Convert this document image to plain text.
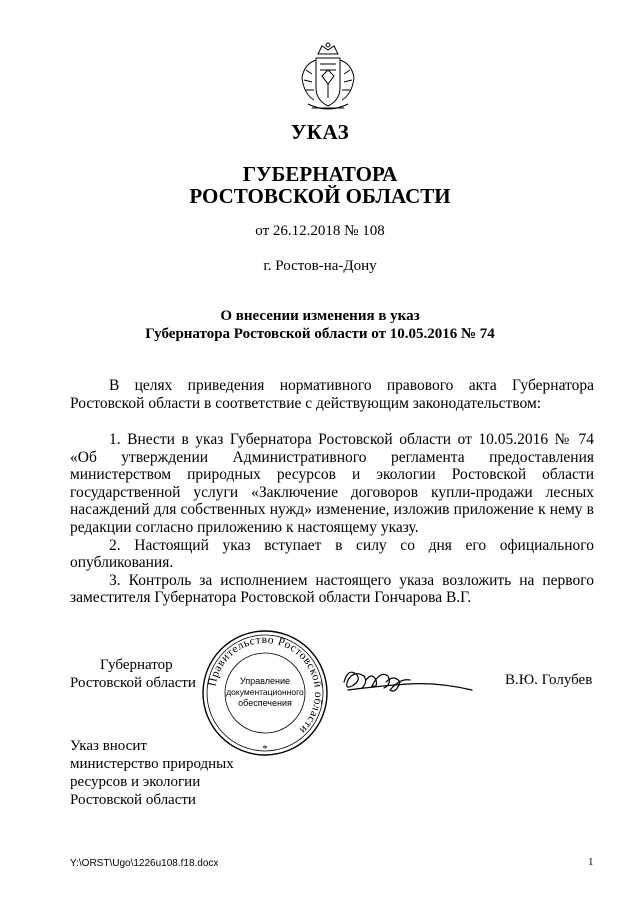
УКАЗ
ГУБЕРНАТОРА
РОСТОВСКОЙ ОБЛАСТИ
от 26.12.2018 № 108
г. Ростов-на-Дону
О внесении изменения в указ
Губернатора Ростовской области от 10.05.2016 № 74

В целях приведения нормативного правового акта Губернатора Ростовской области в соответствие с действующим законодательством:

1. Внести в указ Губернатора Ростовской области от 10.05.2016 № 74 «Об утверждении Административного регламента предоставления министерством природных ресурсов и экологии Ростовской области государственной услуги «Заключение договоров купли-продажи лесных насаждений для собственных нужд» изменение, изложив приложение к нему в редакции согласно приложению к настоящему указу.

2. Настоящий указ вступает в силу со дня его официального опубликования.

3. Контроль за исполнением настоящего указа возложить на первого заместителя Губернатора Ростовской области Гончарова В.Г.

Губернатор
Ростовской области Правительство Ростовской области
*
Управление
документационного
обеспечения
В.Ю. Голубев
Указ вносит
министерство природных
ресурсов и экологии
Ростовской области
Y:\ORST\Ugo\1226u108.f18.docx	1
